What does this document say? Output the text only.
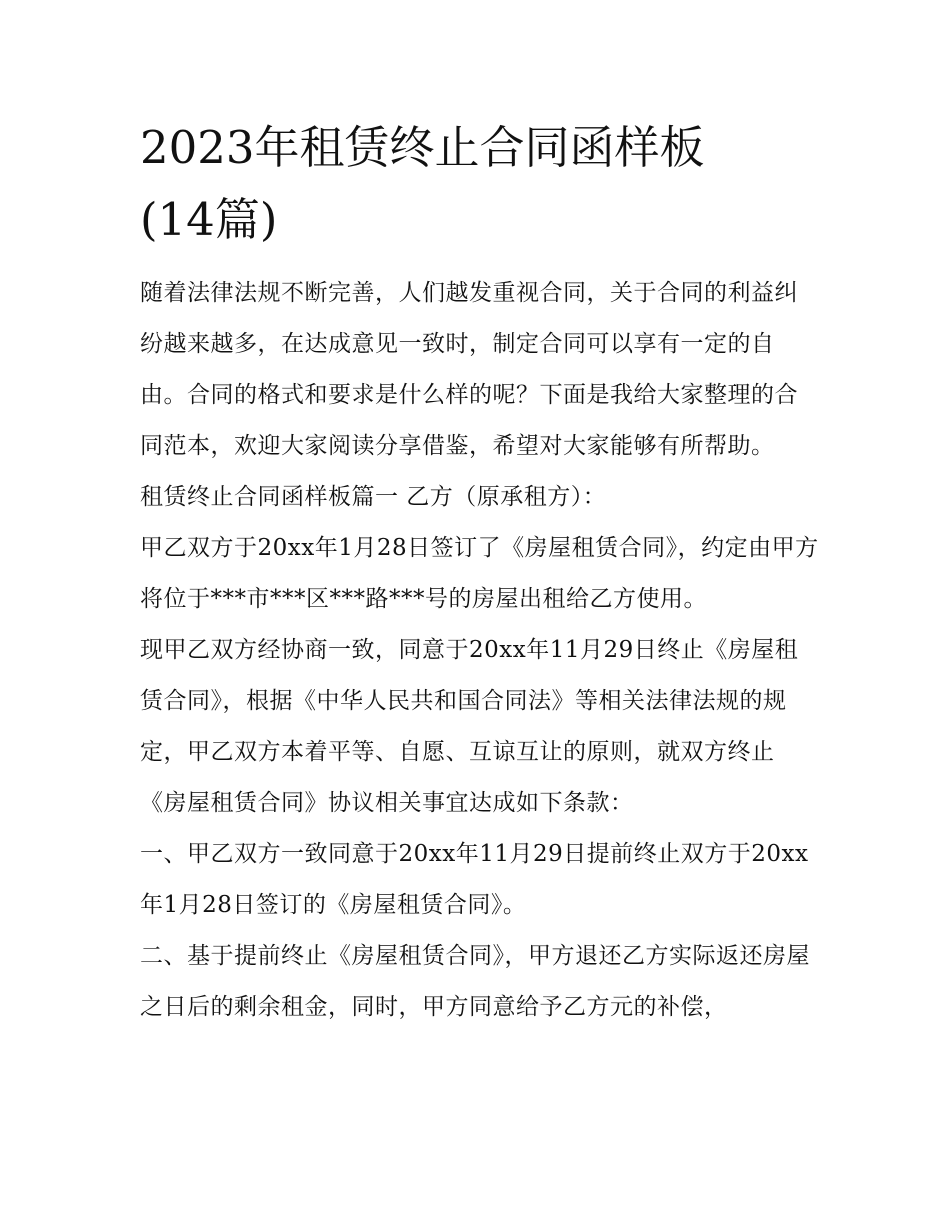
2023年租赁终止合同函样板
(14篇)

随着法律法规不断完善，人们越发重视合同，关于合同的利益纠纷越来越多，在达成意见一致时，制定合同可以享有一定的自由。合同的格式和要求是什么样的呢？下面是我给大家整理的合同范本，欢迎大家阅读分享借鉴，希望对大家能够有所帮助。

租赁终止合同函样板篇一 乙方（原承租方）：

甲乙双方于20xx年1月28日签订了《房屋租赁合同》，约定由甲方将位于***市***区***路***号的房屋出租给乙方使用。

现甲乙双方经协商一致，同意于20xx年11月29日终止《房屋租赁合同》，根据《中华人民共和国合同法》等相关法律法规的规定，甲乙双方本着平等、自愿、互谅互让的原则，就双方终止《房屋租赁合同》协议相关事宜达成如下条款：

一、甲乙双方一致同意于20xx年11月29日提前终止双方于20xx年1月28日签订的《房屋租赁合同》。

二、基于提前终止《房屋租赁合同》，甲方退还乙方实际返还房屋之日后的剩余租金，同时，甲方同意给予乙方元的补偿，
